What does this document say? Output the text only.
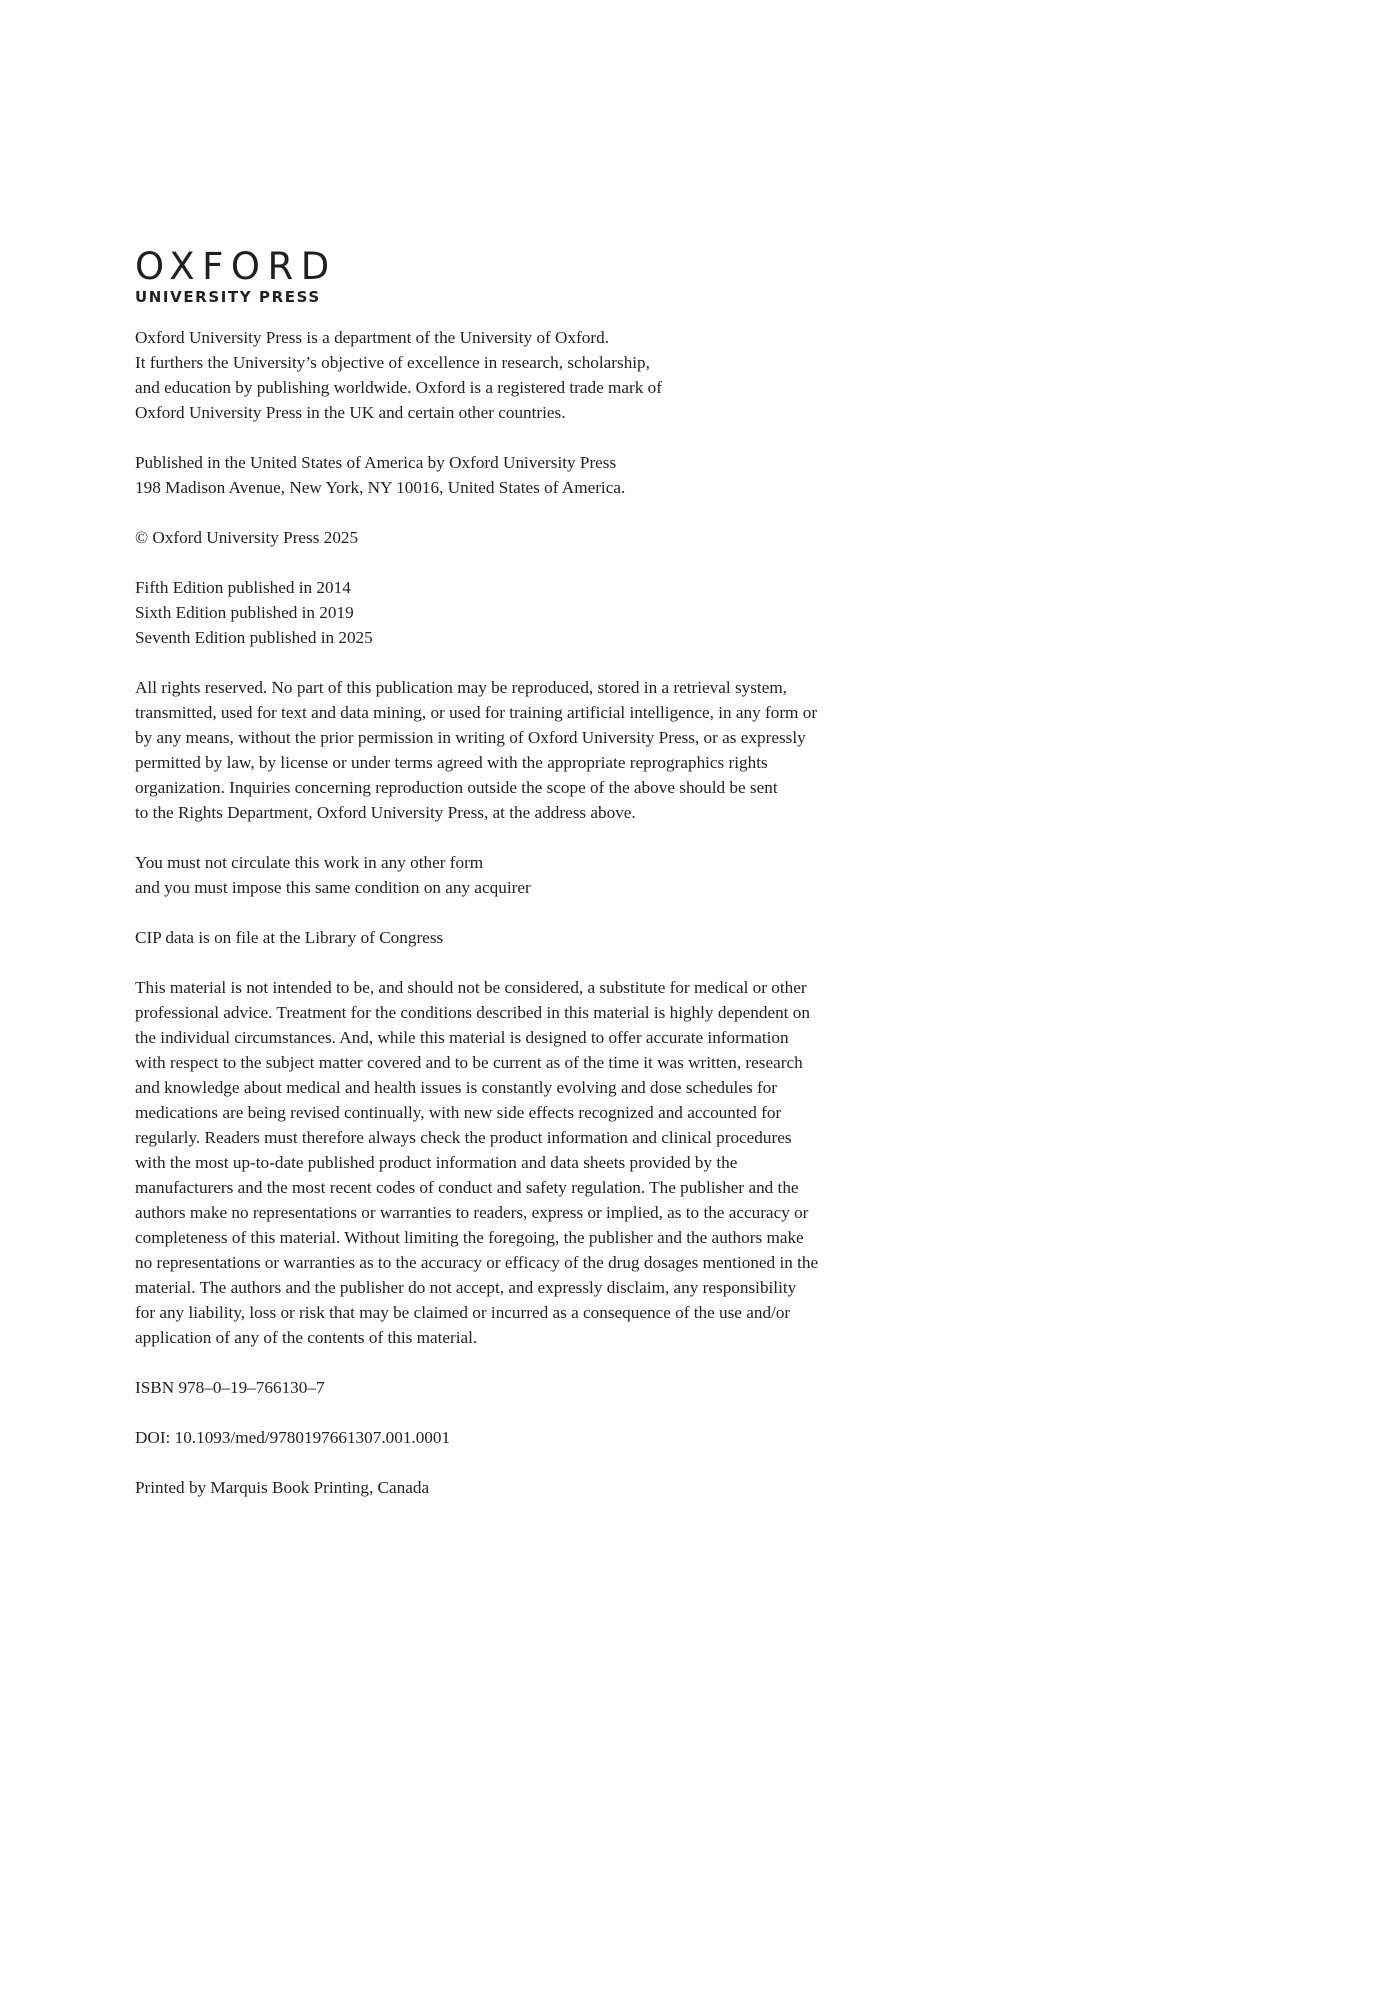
OXFORD
UNIVERSITY PRESS

Oxford University Press is a department of the University of Oxford.
It furthers the University’s objective of excellence in research, scholarship,
and education by publishing worldwide. Oxford is a registered trade mark of
Oxford University Press in the UK and certain other countries.

Published in the United States of America by Oxford University Press
198 Madison Avenue, New York, NY 10016, United States of America.

© Oxford University Press 2025

Fifth Edition published in 2014
Sixth Edition published in 2019
Seventh Edition published in 2025

All rights reserved. No part of this publication may be reproduced, stored in a retrieval system,
transmitted, used for text and data mining, or used for training artificial intelligence, in any form or
by any means, without the prior permission in writing of Oxford University Press, or as expressly
permitted by law, by license or under terms agreed with the appropriate reprographics rights
organization. Inquiries concerning reproduction outside the scope of the above should be sent
to the Rights Department, Oxford University Press, at the address above.

You must not circulate this work in any other form
and you must impose this same condition on any acquirer

CIP data is on file at the Library of Congress

This material is not intended to be, and should not be considered, a substitute for medical or other
professional advice. Treatment for the conditions described in this material is highly dependent on
the individual circumstances. And, while this material is designed to offer accurate information
with respect to the subject matter covered and to be current as of the time it was written, research
and knowledge about medical and health issues is constantly evolving and dose schedules for
medications are being revised continually, with new side effects recognized and accounted for
regularly. Readers must therefore always check the product information and clinical procedures
with the most up-to-date published product information and data sheets provided by the
manufacturers and the most recent codes of conduct and safety regulation. The publisher and the
authors make no representations or warranties to readers, express or implied, as to the accuracy or
completeness of this material. Without limiting the foregoing, the publisher and the authors make
no representations or warranties as to the accuracy or efficacy of the drug dosages mentioned in the
material. The authors and the publisher do not accept, and expressly disclaim, any responsibility
for any liability, loss or risk that may be claimed or incurred as a consequence of the use and/or
application of any of the contents of this material.

ISBN 978–0–19–766130–7

DOI: 10.1093/med/9780197661307.001.0001

Printed by Marquis Book Printing, Canada
